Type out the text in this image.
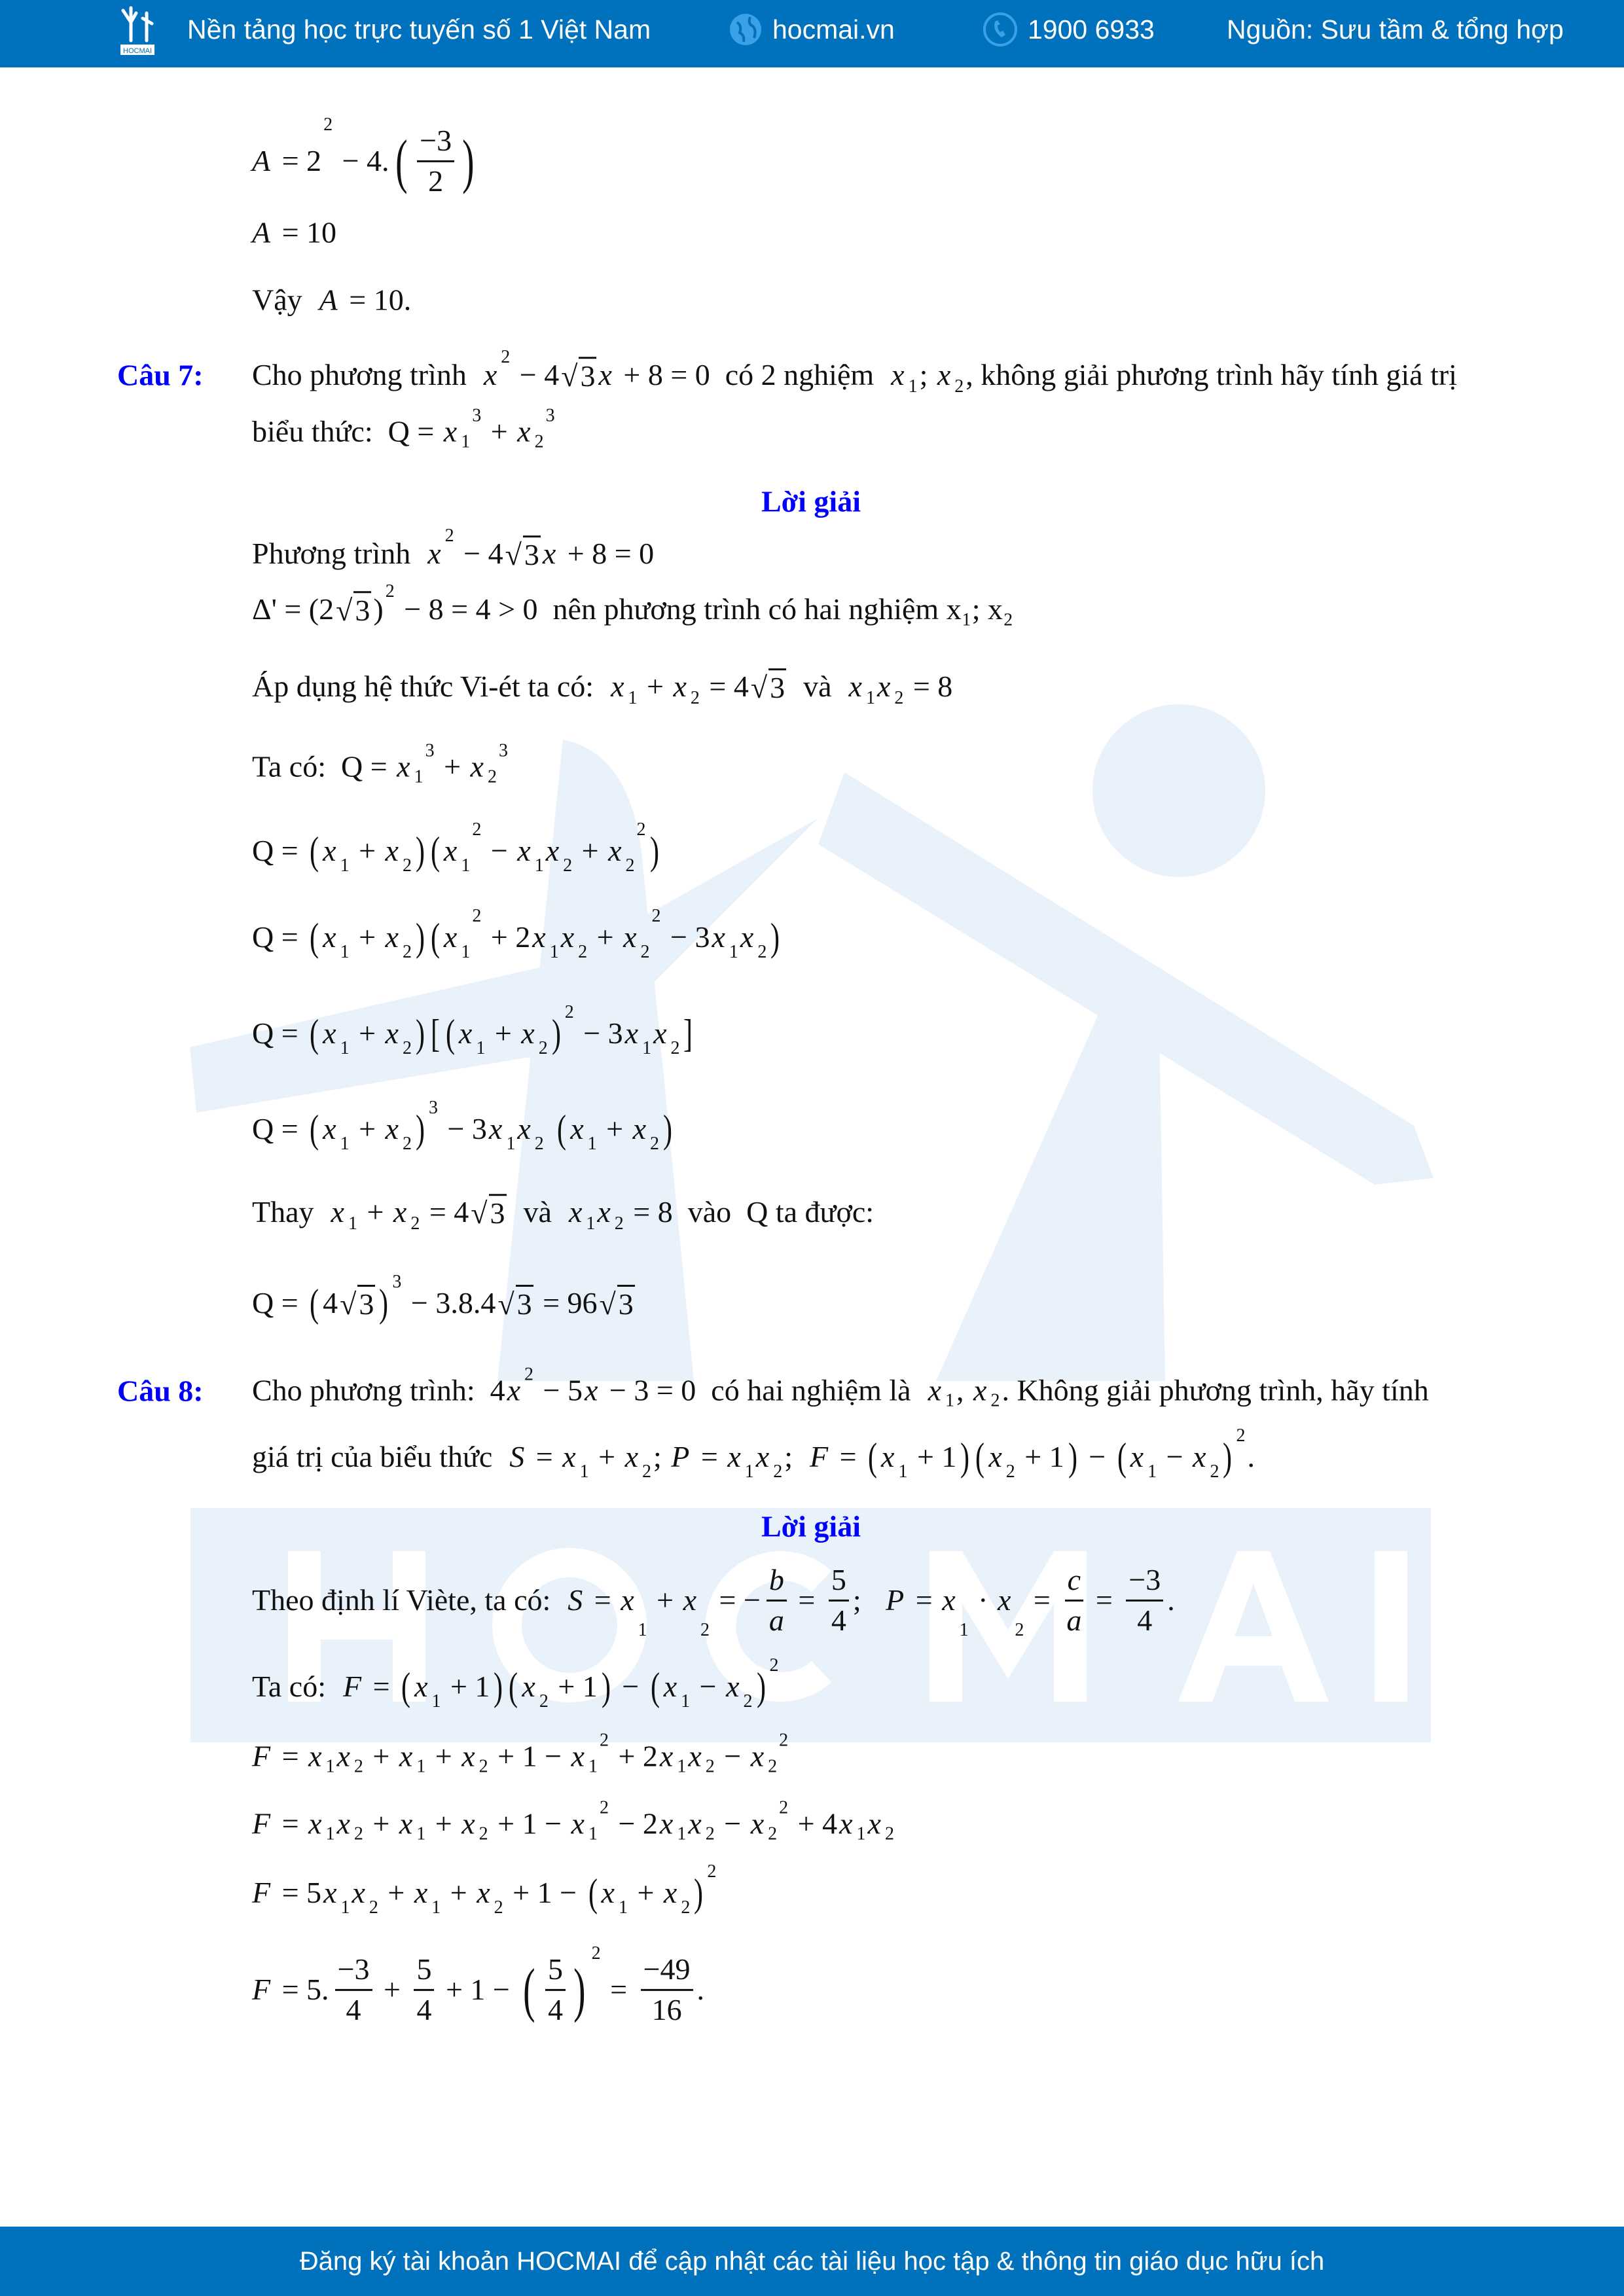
HOCMAI
Nền tảng học trực tuyến số 1 Việt Nam	hocmai.vn	1900 6933	Nguồn: Sưu tầm & tổng hợp
A = 2
2
− 4. ( $\frac{-3}{2}$ )
A = 10
Vậy A = 10.
Câu 7: Cho phương trình x
2
− 4 √ 3 x + 8 = 0  có 2 nghiệm x 1 ; x 2 , không giải phương trình hãy tính giá trị
biểu thức:  Q = x 1
3 + x 2
3
Lời giải
Phương trình x
2
− 4 √ 3 x + 8 = 0
Δ' = (2 √ 3 )
2
− 8 = 4 > 0  nên phương trình có hai nghiệm x₁; x₂
Áp dụng hệ thức Vi-ét ta có: x 1 + x 2 = 4 √ 3 và x 1 x 2 = 8
Ta có:  Q = x 1
3 + x 2
3
Q = ( x 1 + x 2 ) ( x 1
2
− x 1 x 2 + x 2
2 )
Q = ( x 1 + x 2 ) ( x 1
2
+ 2 x 1 x 2 + x 2
2
− 3 x 1 x 2 )
Q = ( x 1 + x 2 ) [ ( x 1 + x 2 ) 2
− 3 x 1 x 2 ]
Q = ( x 1 + x 2 ) 3
− 3 x 1 x 2
( x 1 + x 2 )
Thay x 1 + x 2 = 4 √ 3 và x 1 x 2 = 8  vào  Q ta được:
Q = ( 4 √ 3 ) 3
− 3.8.4 √ 3 = 96 √ 3
Câu 8: Cho phương trình:  4 x 2 − 5 x − 3 = 0  có hai nghiệm là x 1 , x 2 . Không giải phương trình, hãy tính
giá trị của biểu thức S = x 1 + x 2 ; P = x 1 x 2 ; F = ( x 1 + 1 ) ( x 2 + 1 ) − ( x 1 − x 2 ) 2
.
Lời giải
Theo định lí Viète, ta có: S = x
1
+ x
2
= − $\frac{b}{a} = \frac{5}{4}$ ; P = x
1
· x
2
= $\frac{c}{a} = \frac{-3}{4}$ .
Ta có: F = ( x 1 + 1 ) ( x 2 + 1 ) − ( x 1 − x 2 ) 2
F = x 1 x 2 + x 1 + x 2 + 1 − x 1
2 + 2 x 1 x 2 − x 2
2
F = x 1 x 2 + x 1 + x 2 + 1 − x 1
2 − 2 x 1 x 2 − x 2
2 + 4 x 1 x 2
F = 5 x 1 x 2 + x 1 + x 2 + 1 − ( x 1 + x 2 ) 2
F = 5. $\frac{-3}{4} + \frac{5}{4} + 1$ − ( $\frac{5}{4}$ )
2
= $\frac{-49}{16}$ .
Đăng ký tài khoản HOCMAI để cập nhật các tài liệu học tập & thông tin giáo dục hữu ích
